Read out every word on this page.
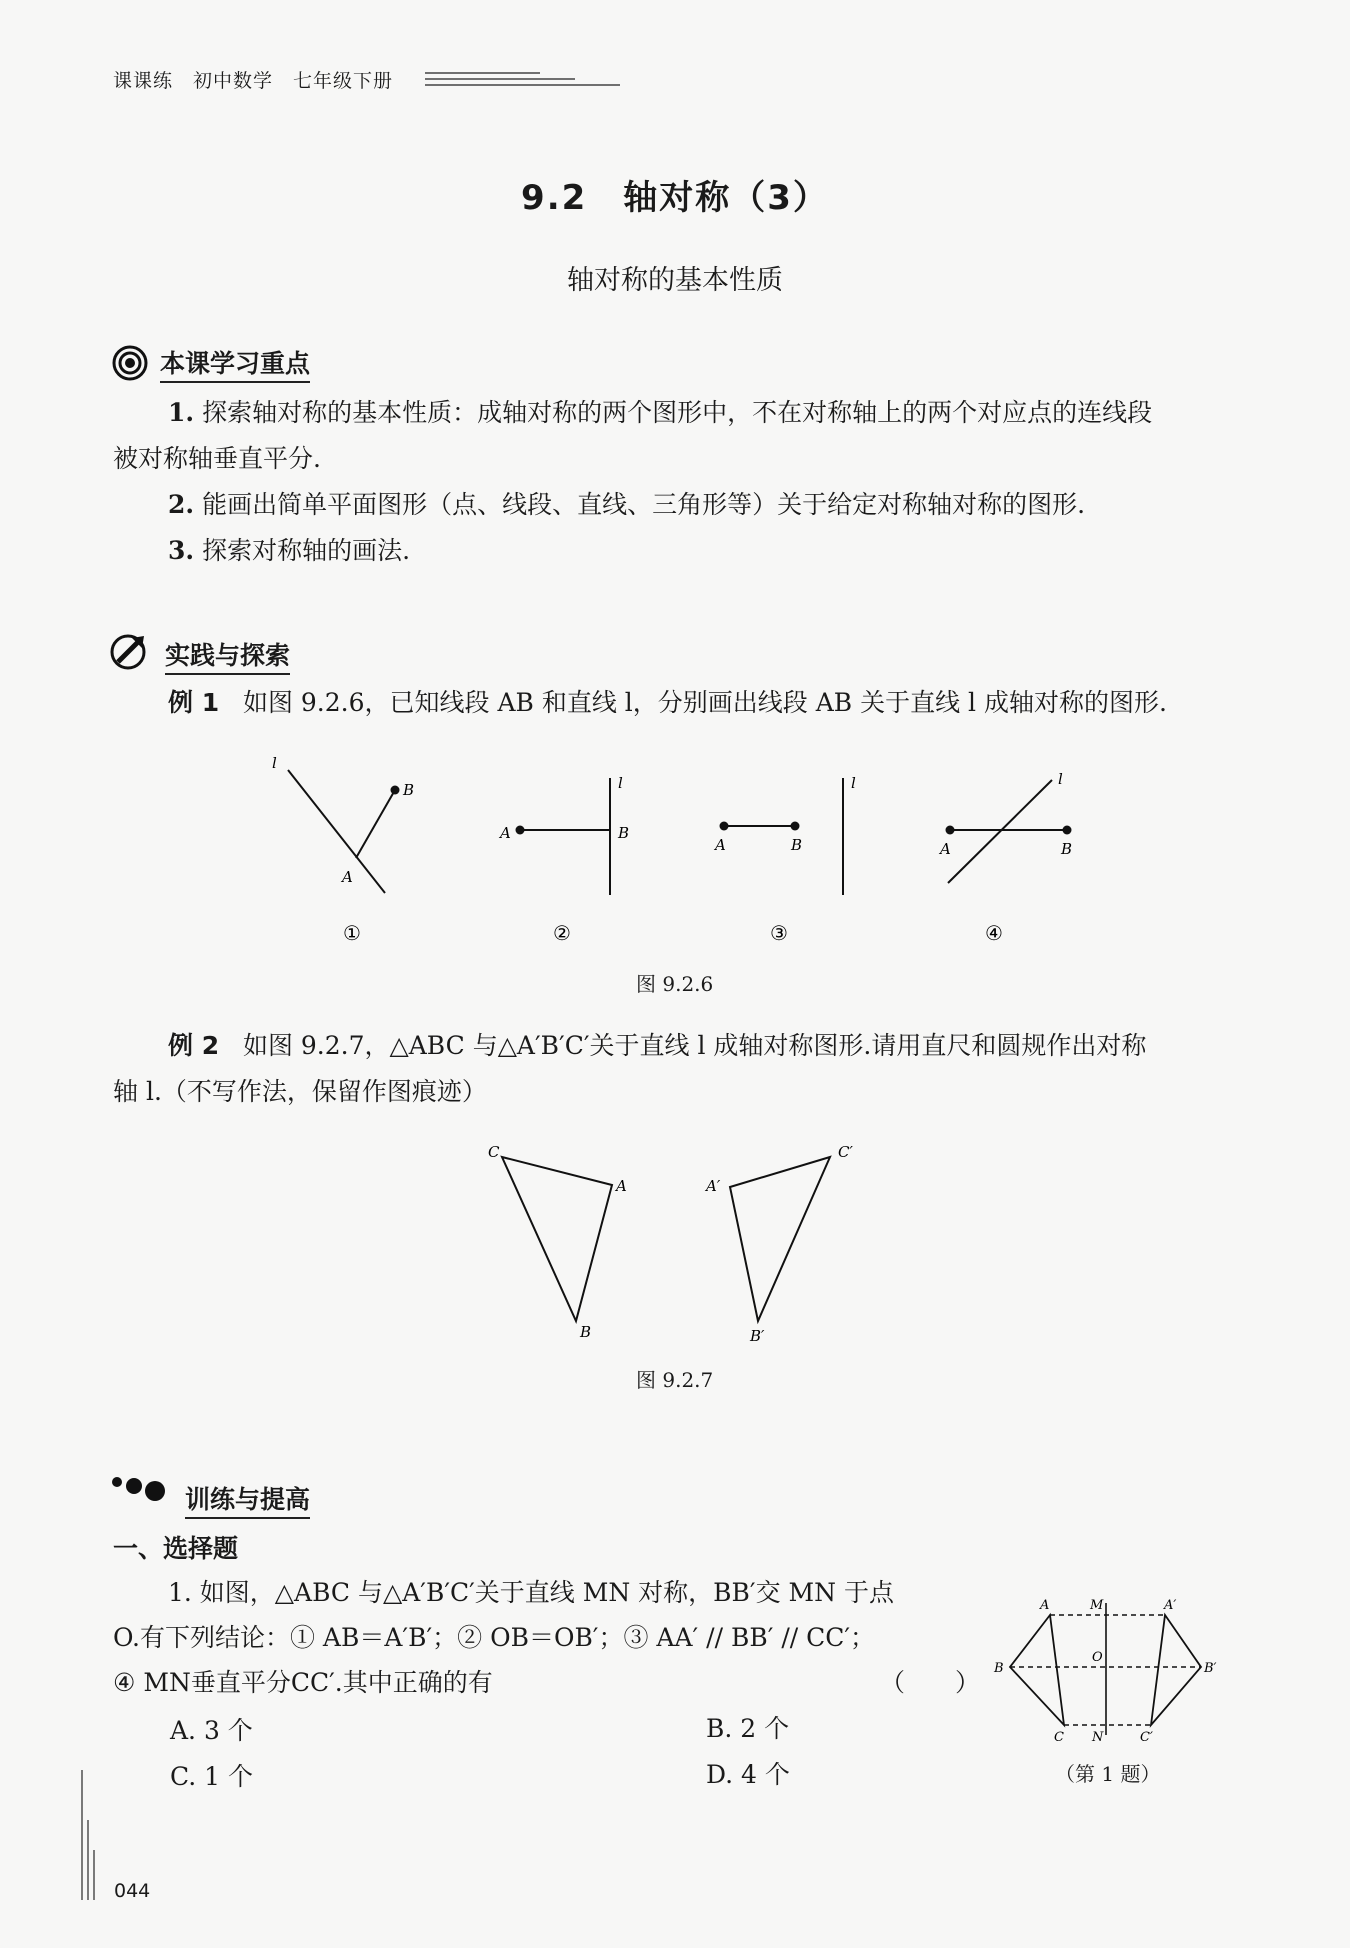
课课练　初中数学　七年级下册
9.2　轴对称（3）
轴对称的基本性质
本课学习重点
1. 探索轴对称的基本性质：成轴对称的两个图形中，不在对称轴上的两个对应点的连线段
被对称轴垂直平分.
2. 能画出简单平面图形（点、线段、直线、三角形等）关于给定对称轴对称的图形.
3. 探索对称轴的画法.
实践与探索
例 1 如图 9.2.6，已知线段 AB 和直线 l，分别画出线段 AB 关于直线 l 成轴对称的图形.
l
B
A
l
A	B
A	B
l	l
A	B
①	②	③	④
图 9.2.6
例 2 如图 9.2.7，△ABC 与△A′B′C′关于直线 l 成轴对称图形.请用直尺和圆规作出对称
轴 l.（不写作法，保留作图痕迹）
C
A
B
A′
C′
B′
图 9.2.7
训练与提高
一、选择题
1. 如图，△ABC 与△A′B′C′关于直线 MN 对称，BB′交 MN 于点
O.有下列结论：① AB＝A′B′；② OB＝OB′；③ AA′ // BB′ // CC′；
④ MN垂直平分CC′.其中正确的有	（　　）
A. 3 个	B. 2 个
C. 1 个	D. 4 个
A	M	A′
B
O
B′
C N	C′
（第 1 题）
044
